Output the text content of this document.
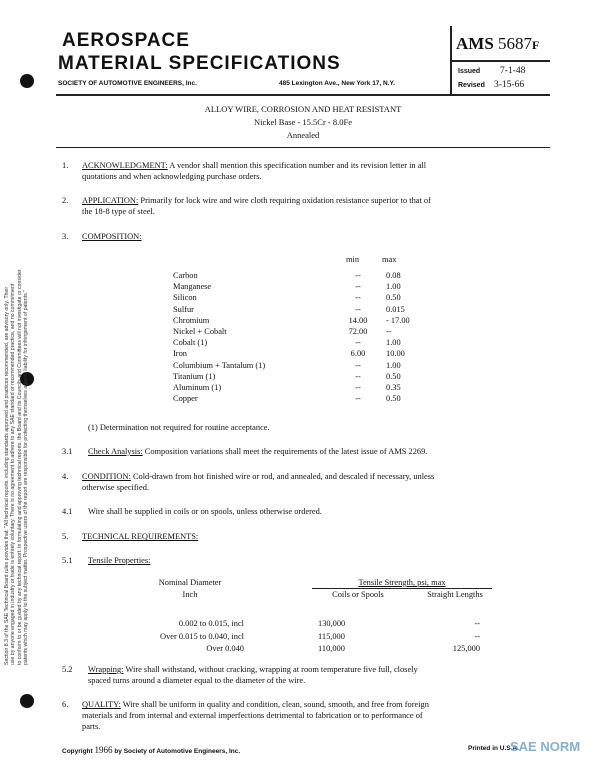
Section 8.3 of the SAE Technical Board rules provides that: "All technical reports, including standards approved and practices recommended, are advisory only. Their use by anyone engaged in industry or trade is entirely voluntary. There is no agreement to adhere to any SAE standard or recommended practice, and no commitment to conform to or be guided by any technical report. In formulating and approving technical reports, the Board and its Councils and Committees will not investigate or consider patents which may apply to the subject matter. Prospective users of the report are responsible for protecting themselves against liability for infringement of patents."
AEROSPACE
MATERIAL SPECIFICATIONS
SOCIETY OF AUTOMOTIVE ENGINEERS, Inc.	485 Lexington Ave., New York 17, N.Y.
AMS 5687F
Issued 7-1-48
Revised 3-15-66
ALLOY WIRE, CORROSION AND HEAT RESISTANT
Nickel Base - 15.5Cr - 8.0Fe
Annealed
1. ACKNOWLEDGMENT: A vendor shall mention this specification number and its revision letter in all
quotations and when acknowledging purchase orders.
2. APPLICATION: Primarily for lock wire and wire cloth requiring oxidation resistance superior to that of
the 18-8 type of steel.
3. COMPOSITION:
min	max
Carbon	--	0.08
Manganese	--	1.00
Silicon	--	0.50
Sulfur	--	0.015
Chromium	14.00	- 17.00
Nickel + Cobalt	72.00	--
Cobalt (1)	--	1.00
Iron	6.00	10.00
Columbium + Tantalum (1)	--	1.00
Titanium (1)	--	0.50
Aluminum (1)	--	0.35
Copper	--	0.50
(1) Determination not required for routine acceptance.
3.1 Check Analysis: Composition variations shall meet the requirements of the latest issue of AMS 2269.
4. CONDITION: Cold-drawn from hot finished wire or rod, and annealed, and descaled if necessary, unless
otherwise specified.
4.1 Wire shall be supplied in coils or on spools, unless otherwise ordered.
5. TECHNICAL REQUIREMENTS:
5.1 Tensile Properties:
Nominal Diameter
Inch
Tensile Strength, psi, max
Coils or Spools	Straight Lengths
0.002 to 0.015, incl	130,000	--
Over 0.015 to 0.040, incl	115,000	--
Over 0.040	110,000	125,000
5.2 Wrapping: Wire shall withstand, without cracking, wrapping at room temperature five full, closely
spaced turns around a diameter equal to the diameter of the wire.
6. QUALITY: Wire shall be uniform in quality and condition, clean, sound, smooth, and free from foreign
materials and from internal and external imperfections detrimental to fabrication or to performance of
parts.
Copyright 1966 by Society of Automotive Engineers, Inc.	Printed in U.S.A.
SAE NORM
